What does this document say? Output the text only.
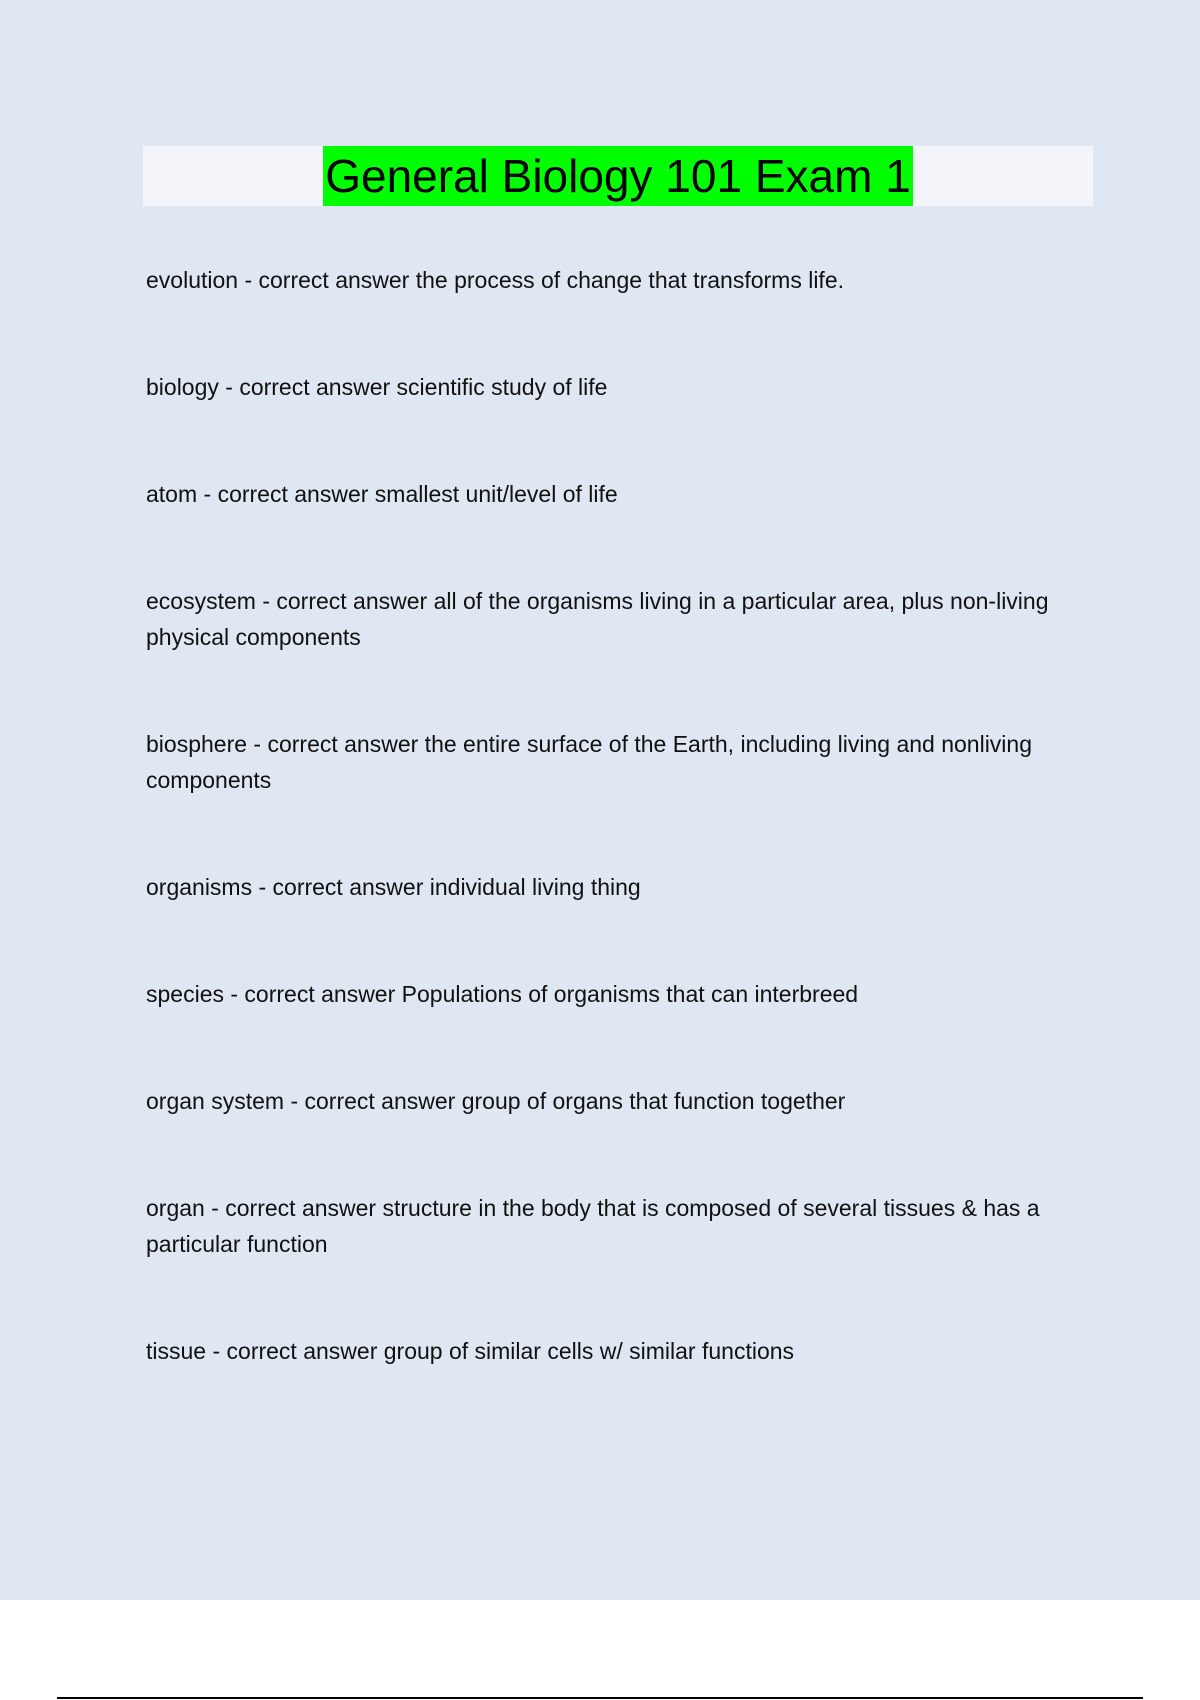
General Biology 101 Exam 1
evolution - correct answer the process of change that transforms life.
biology - correct answer scientific study of life
atom - correct answer smallest unit/level of life
ecosystem - correct answer all of the organisms living in a particular area, plus non-living physical components
biosphere - correct answer the entire surface of the Earth, including living and nonliving components
organisms - correct answer individual living thing
species - correct answer Populations of organisms that can interbreed
organ system - correct answer group of organs that function together
organ - correct answer structure in the body that is composed of several tissues & has a particular function
tissue - correct answer group of similar cells w/ similar functions
